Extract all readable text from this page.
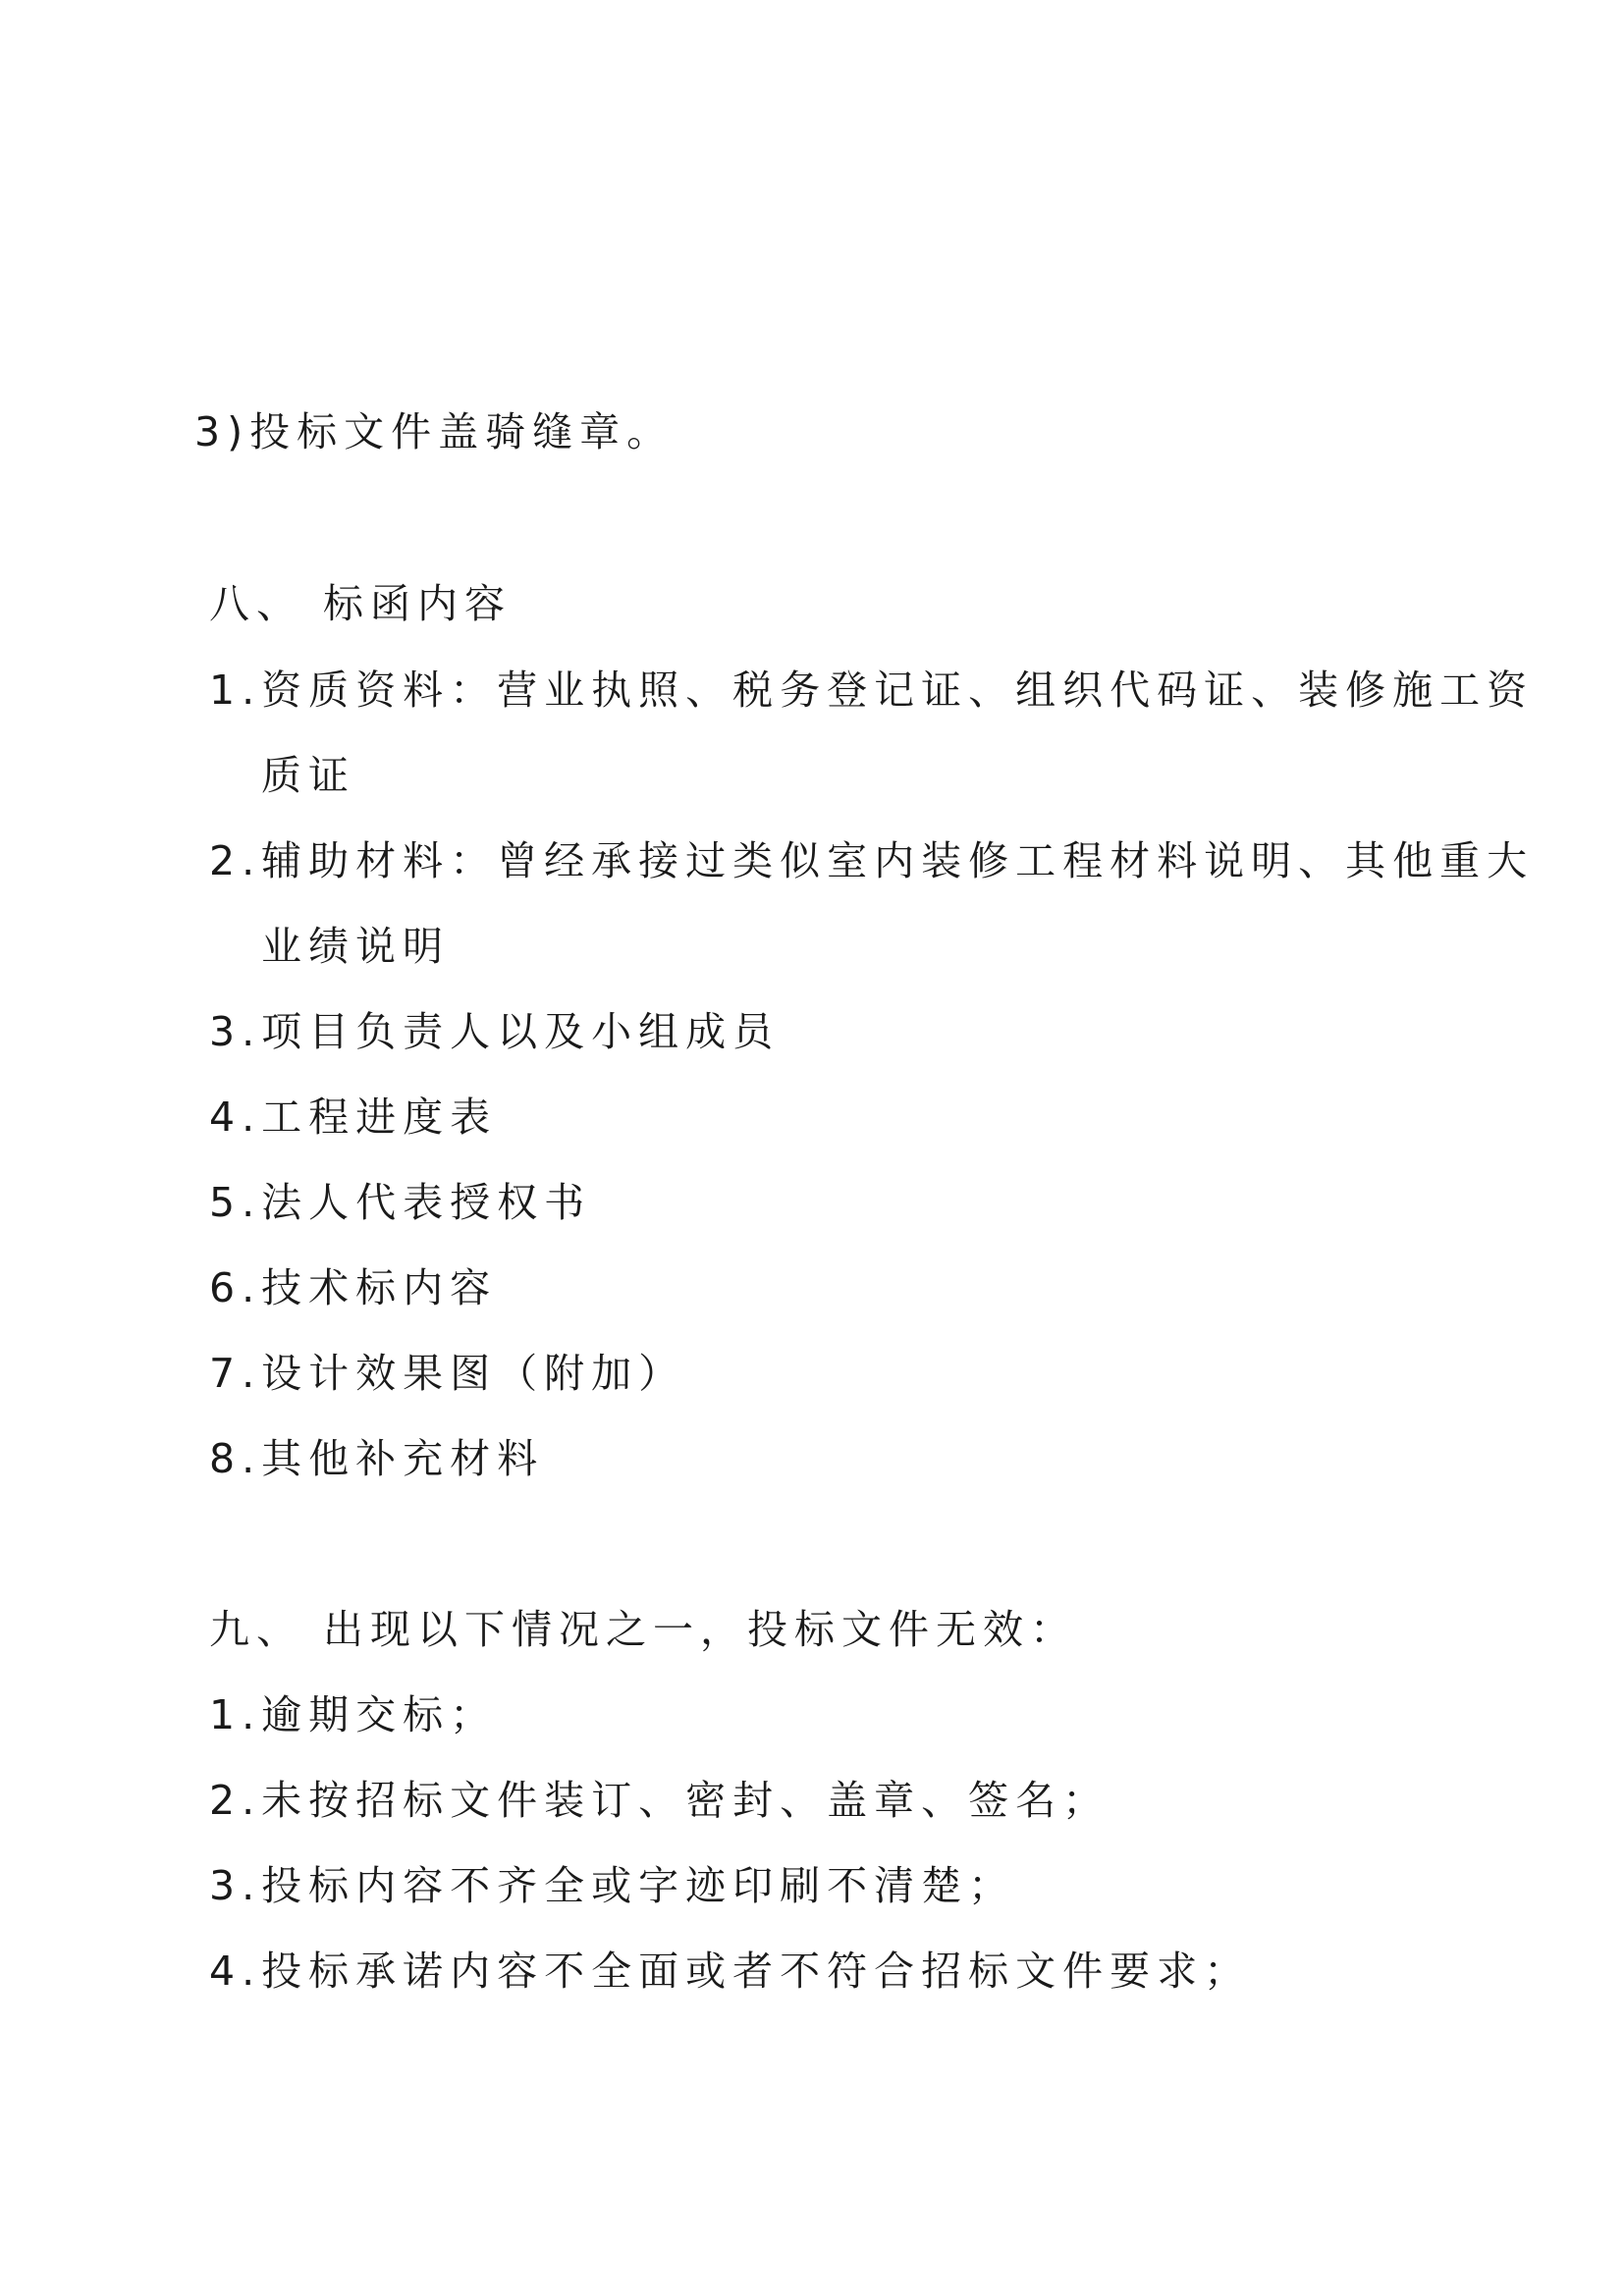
3)投标文件盖骑缝章。
八、 标函内容
1.资质资料：营业执照、税务登记证、组织代码证、装修施工资
质证
2.辅助材料：曾经承接过类似室内装修工程材料说明、其他重大
业绩说明
3.项目负责人以及小组成员
4.工程进度表
5.法人代表授权书
6.技术标内容
7.设计效果图（附加）
8.其他补充材料
九、 出现以下情况之一，投标文件无效：
1.逾期交标；
2.未按招标文件装订、密封、盖章、签名；
3.投标内容不齐全或字迹印刷不清楚；
4.投标承诺内容不全面或者不符合招标文件要求；
